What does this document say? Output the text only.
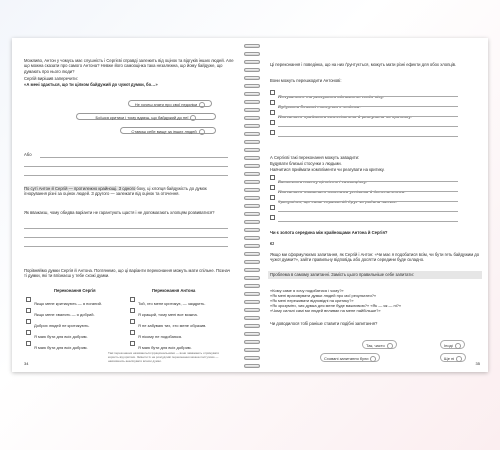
Можливо, Антон у чомусь має слушність і Сергієві справді залежить від оцінок та відгуків інших людей. Але що можна сказати про самого Антона? Невже його самооцінка така незалежна, що йому байдуже, що думають про нього люди?

Сергій вирішив заперечити:

«А мені здається, що ти цілком байдужий до чужої думки, бо…»

Не хочеш знати про свої недоліки
Боїшся критики і тому вдаєш, що байдужий до неї
Ставиш себе вище за інших людей

Або

По суті Антон й Сергій — протилежно крайнощі. З одного боку, ці хлопця байдужість до думок ігнорування різні за оцінок людей. З другого — залежати від оцінок та оточення.

Як вважаєш, чому обидва варіанти не гарантують щастя і не допомагають хлопцям розвиватися?

Порівняймо думки Сергія й Антона. Поглянемо, що ці варіанти переконання можуть мати спільне. Познач ті думки, які ти впізнаєш у тебе схожі думки.

Переконання Сергія	Переконання Антона

Якщо мене критикують — я поганий.

Якщо мене хвалять — я добрий.

Добрих людей не критикують.

Я маю бути для всіх добрим.

Я маю бути для всіх добрим.

Той, хто мене критикує, — заздрить.

Я кращий, тому мені все можна.

Я не забуваю тих, хто мене образив.

Я нікому не подобаюся.

Я маю бути для всіх добрим.

Такі переконання називаються ірраціональними — вони заважають отримувати користь від критики. Змінити їх на розсудливі переконання можна поступово — навчившись аналізувати власні думки.

34

Ці переконання і поведінка, що на них ґрунтується, можуть мати різні ефекти для обох хлопців.

Вони можуть перешкодити Антонові:

Почуватися та реагувати адекватно своїм віку.

Будувати близькі стосунки з людьми.

Навчитися приймати компліменти й реагувати на критику.

А Сергієві такі переконання можуть завадити:

Будувати близькі стосунки з людьми.

Навчитися приймати компліменти чи реагувати на критику.

Визначити власну цінність і самооцінку.

Навчитися пишатися власними успіхами й досягненнями.

Зрозуміти, що лише справжній друг чи родина навчає.

Чи є золота середина між крайнощами Антона й Сергія?

Є!

Якщо ми сформулюємо запитання, як Сергій і Антон: «Чи має я подобатися всім, чи бути геть байдужим до чужої думки?», зайти правильну відповідь або досягти середини буде складно.

Проблема в самому запитанні. Замість цього правильніше себе запитати:

«Кому саме я хочу подобатися і чому?»

«Як мені враховувати думки людей про мої результати?»

«Як мені переживати відповідні на критику?»

«Як зрозуміти, чия думка для мене буде важливою?» «Як — як — ні?»

«Чому сильні самі ми людей впливає на мене найбільше?»

Чи доводилося тобі раніше ставити подібні запитання?

Так, часто	Іноді
Сховані запитання були	Ще ні
35
